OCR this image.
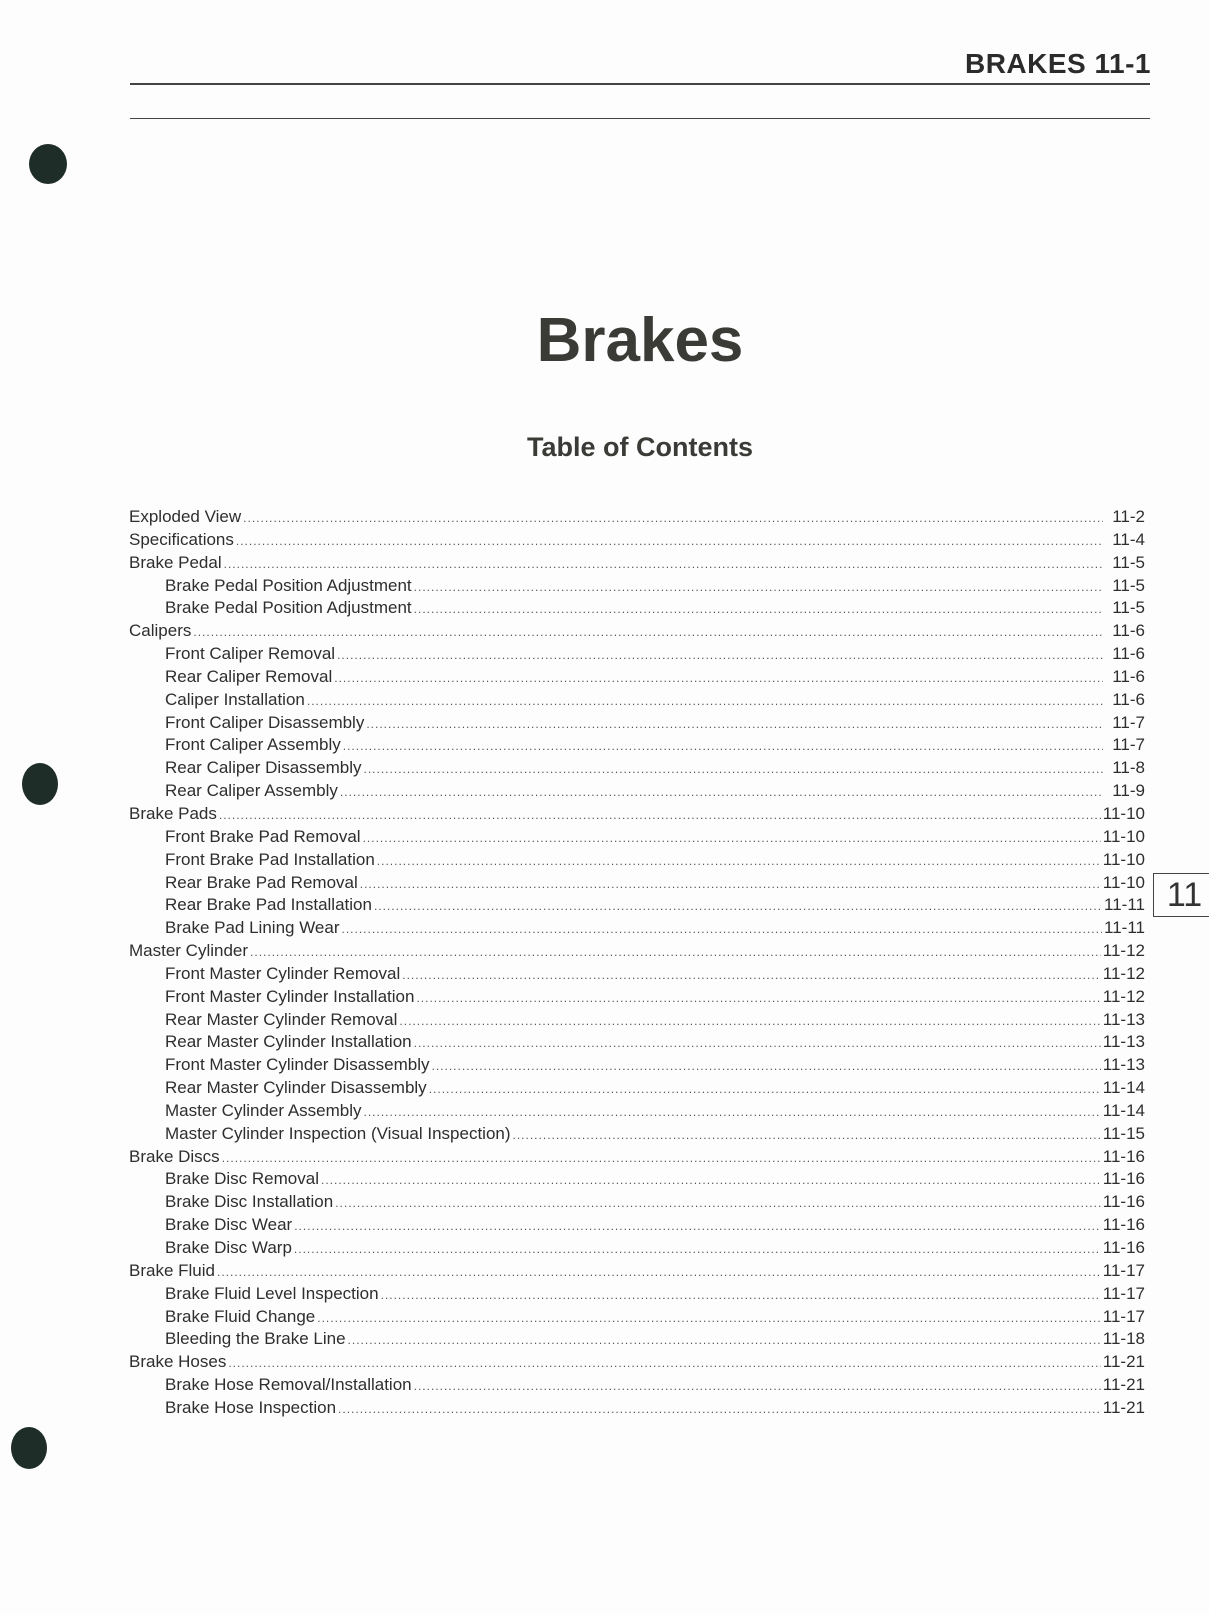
BRAKES 11-1
Brakes
Table of Contents
Exploded View .....	11-2
Specifications .....	11-4
Brake Pedal .....	11-5
Brake Pedal Position Adjustment .....	11-5
Brake Pedal Position Adjustment .....	11-5
Calipers .....	11-6
Front Caliper Removal .....	11-6
Rear Caliper Removal .....	11-6
Caliper Installation .....	11-6
Front Caliper Disassembly .....	11-7
Front Caliper Assembly .....	11-7
Rear Caliper Disassembly .....	11-8
Rear Caliper Assembly .....	11-9
Brake Pads .....	11-10
Front Brake Pad Removal .....	11-10
Front Brake Pad Installation .....	11-10
Rear Brake Pad Removal .....	11-10
Rear Brake Pad Installation .....	11-11
Brake Pad Lining Wear .....	11-11
Master Cylinder .....	11-12
Front Master Cylinder Removal .....	11-12
Front Master Cylinder Installation .....	11-12
Rear Master Cylinder Removal .....	11-13
Rear Master Cylinder Installation .....	11-13
Front Master Cylinder Disassembly .....	11-13
Rear Master Cylinder Disassembly .....	11-14
Master Cylinder Assembly .....	11-14
Master Cylinder Inspection (Visual Inspection) .....	11-15
Brake Discs .....	11-16
Brake Disc Removal .....	11-16
Brake Disc Installation .....	11-16
Brake Disc Wear .....	11-16
Brake Disc Warp .....	11-16
Brake Fluid .....	11-17
Brake Fluid Level Inspection .....	11-17
Brake Fluid Change .....	11-17
Bleeding the Brake Line .....	11-18
Brake Hoses .....	11-21
Brake Hose Removal/Installation .....	11-21
Brake Hose Inspection .....	11-21
11
